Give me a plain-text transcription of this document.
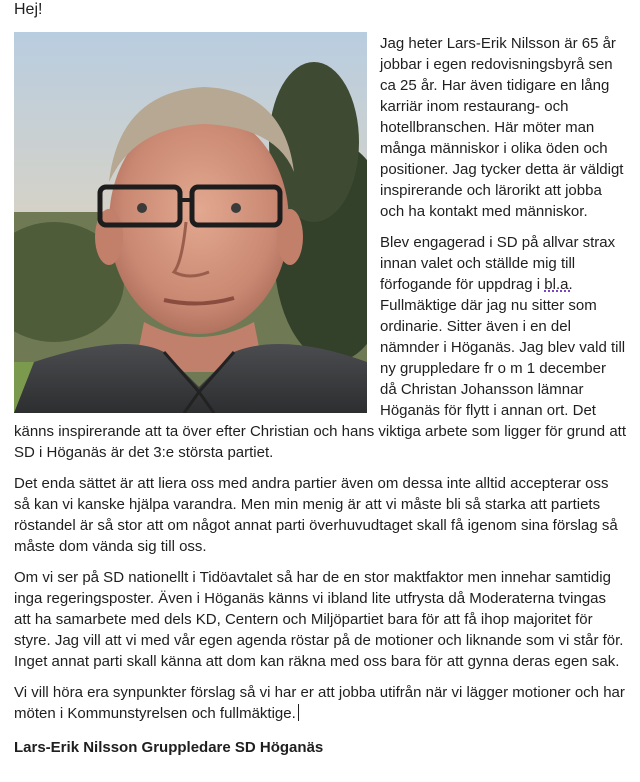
Hej!

Jag heter Lars-Erik Nilsson är 65 år jobbar i egen redovisningsbyrå sen ca 25 år. Har även tidigare en lång karriär inom restaurang- och hotellbranschen. Här möter man många människor i olika öden och positioner. Jag tycker detta är väldigt inspirerande och lärorikt att jobba och ha kontakt med människor.

Blev engagerad i SD på allvar strax innan valet och ställde mig till förfogande för uppdrag i bl.a. Fullmäktige där jag nu sitter som ordinarie. Sitter även i en del nämnder i Höganäs. Jag blev vald till ny gruppledare fr o m 1 december då Christan Johansson lämnar Höganäs för flytt i annan ort. Det känns inspirerande att ta över efter Christian och hans viktiga arbete som ligger för grund att SD i Höganäs är det 3:e största partiet.

Det enda sättet är att liera oss med andra partier även om dessa inte alltid accepterar oss så kan vi kanske hjälpa varandra. Men min menig är att vi måste bli så starka att partiets röstandel är så stor att om något annat parti överhuvudtaget skall få igenom sina förslag så måste dom vända sig till oss.

Om vi ser på SD nationellt i Tidöavtalet så har de en stor maktfaktor men innehar samtidig inga regeringsposter. Även i Höganäs känns vi ibland lite utfrysta då Moderaterna tvingas att ha samarbete med dels KD, Centern och Miljöpartiet bara för att få ihop majoritet för styre. Jag vill att vi med vår egen agenda röstar på de motioner och liknande som vi står för. Inget annat parti skall känna att dom kan räkna med oss bara för att gynna deras egen sak.

Vi vill höra era synpunkter förslag så vi har er att jobba utifrån när vi lägger motioner och har möten i Kommunstyrelsen och fullmäktige.

Lars-Erik Nilsson Gruppledare SD Höganäs
